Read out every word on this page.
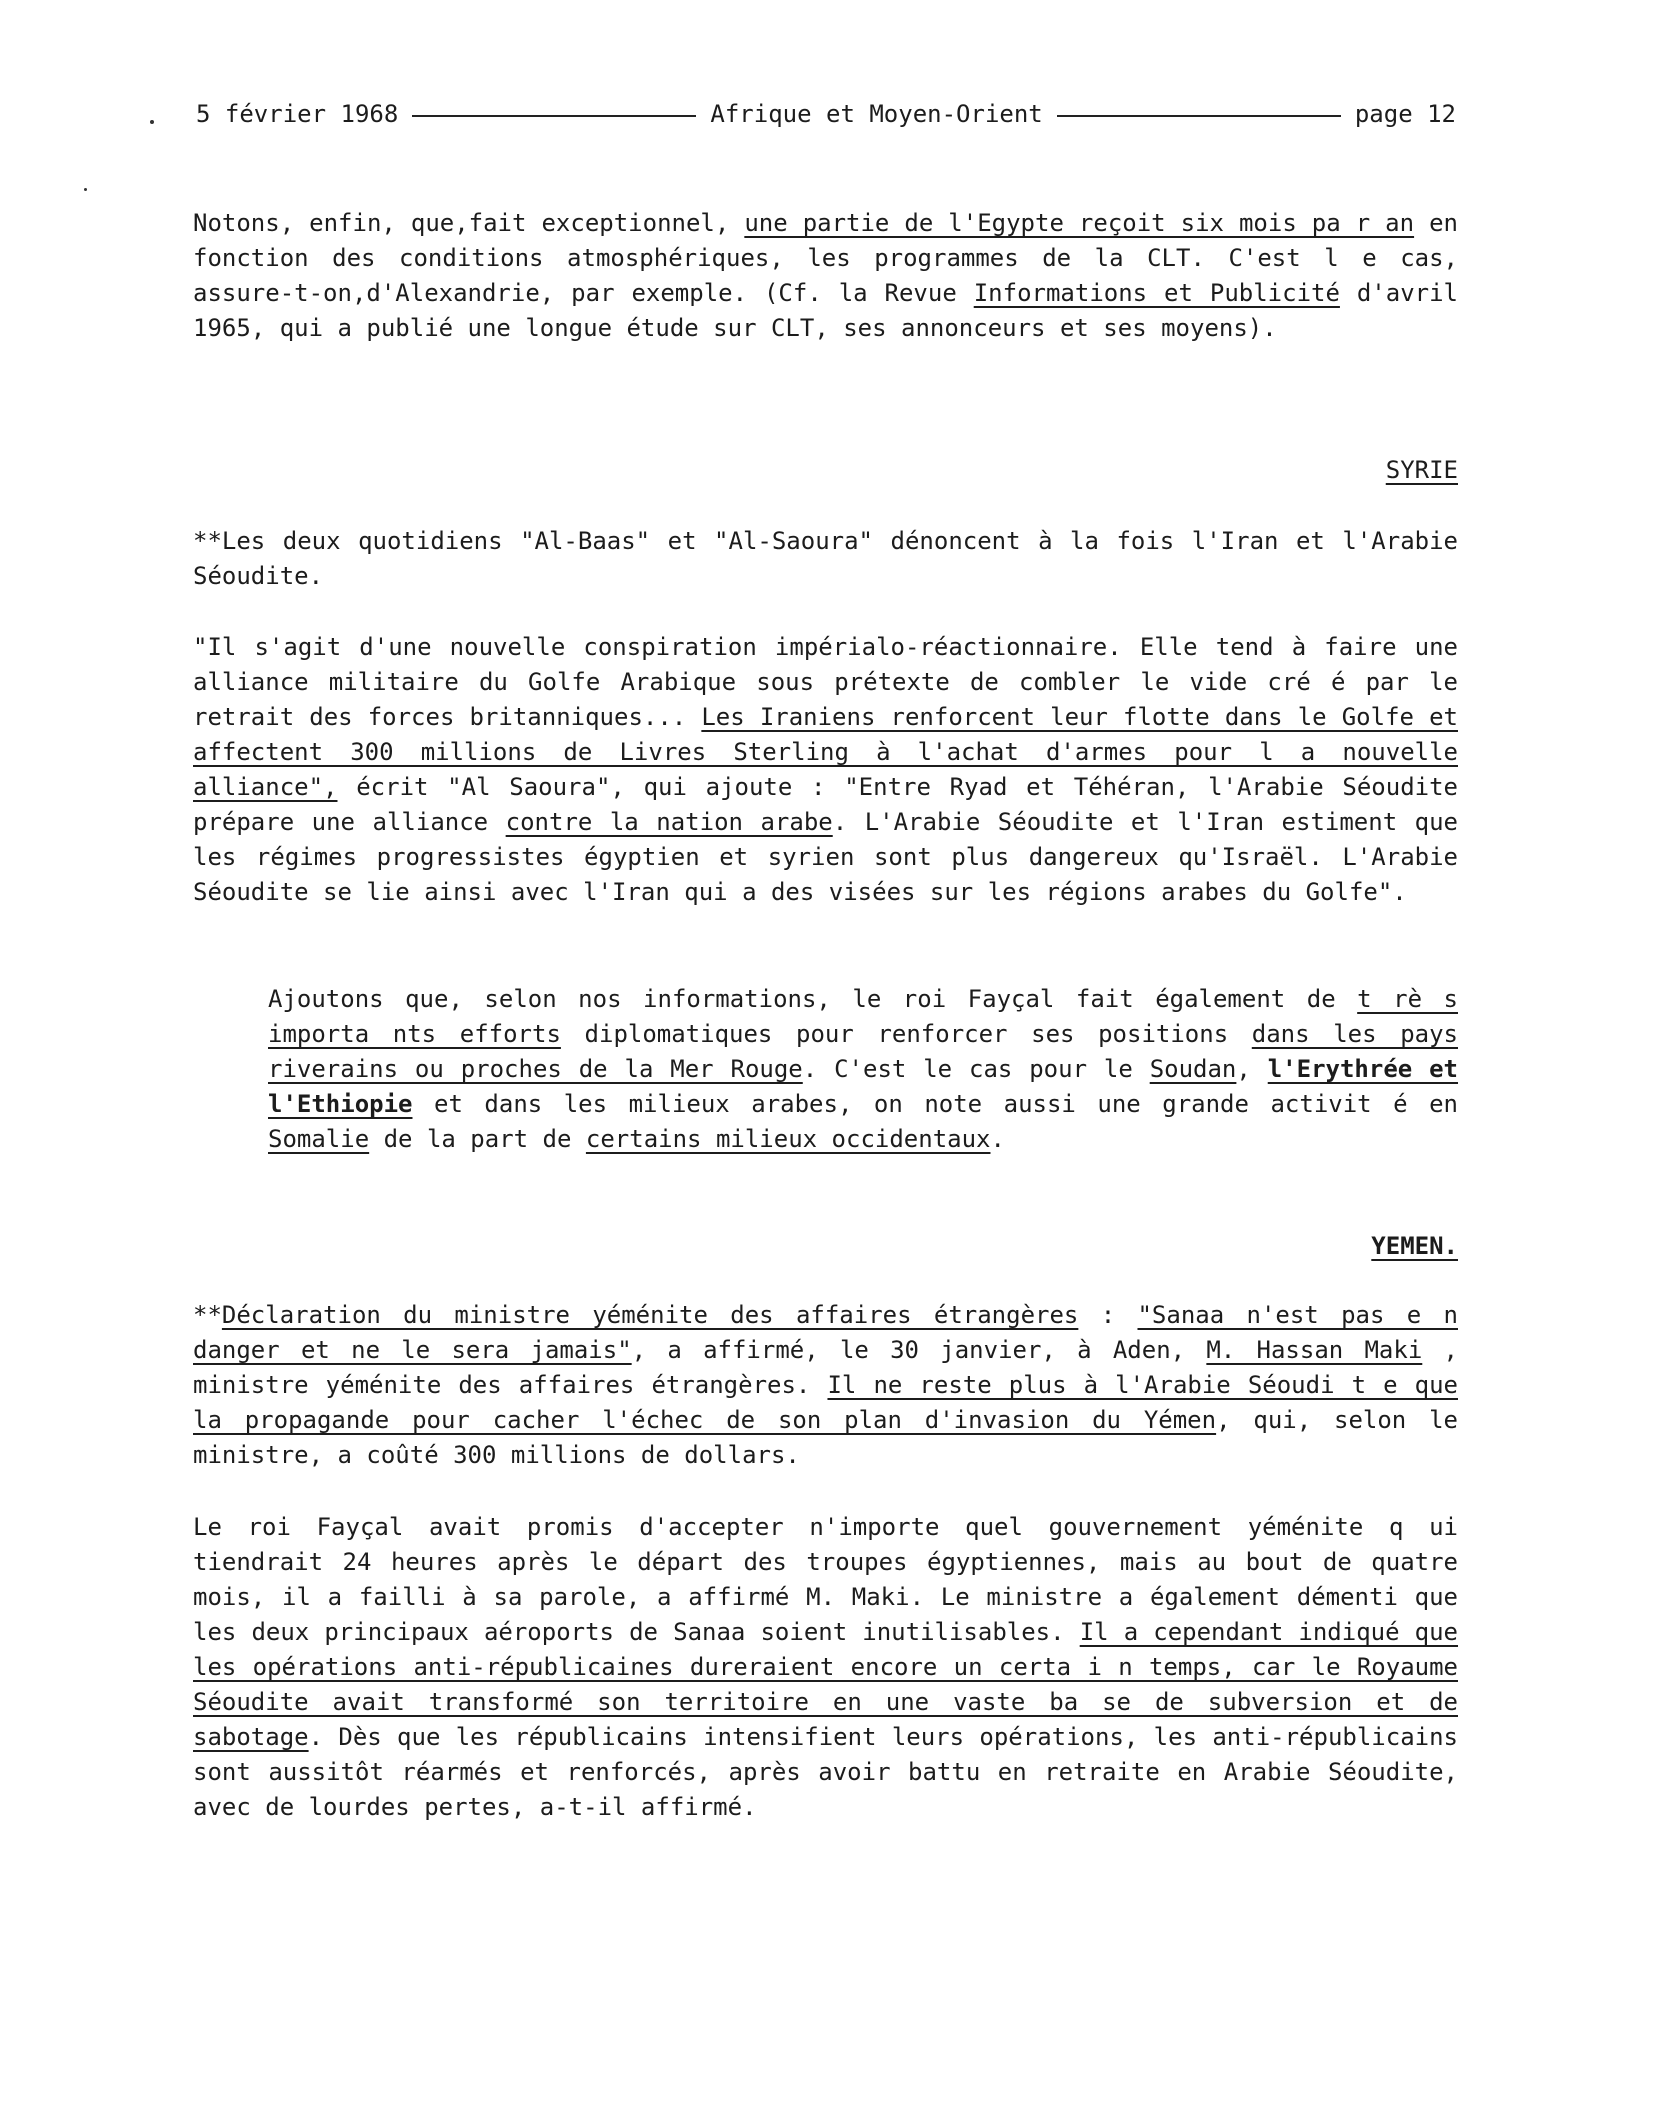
5 février 1968	Afrique et Moyen-Orient	page 12

Notons, enfin, que,fait exceptionnel, une partie de l'Egypte reçoit six mois pa r an en fonction des conditions atmosphériques, les programmes de la CLT. C'est l e cas, assure-t-on,d'Alexandrie, par exemple. (Cf. la Revue Informations et Publicité d'avril 1965, qui a publié une longue étude sur CLT, ses annonceurs et ses moyens).

SYRIE

**Les deux quotidiens "Al-Baas" et "Al-Saoura" dénoncent à la fois l'Iran et l'Arabie Séoudite.

"Il s'agit d'une nouvelle conspiration impérialo-réactionnaire. Elle tend à faire une alliance militaire du Golfe Arabique sous prétexte de combler le vide cré é par le retrait des forces britanniques... Les Iraniens renforcent leur flotte dans le Golfe et affectent 300 millions de Livres Sterling à l'achat d'armes pour l a nouvelle alliance", écrit "Al Saoura", qui ajoute : "Entre Ryad et Téhéran, l'Arabie Séoudite prépare une alliance contre la nation arabe. L'Arabie Séoudite et l'Iran estiment que les régimes progressistes égyptien et syrien sont plus dangereux qu'Israël. L'Arabie Séoudite se lie ainsi avec l'Iran qui a des visées sur les régions arabes du Golfe".

Ajoutons que, selon nos informations, le roi Fayçal fait également de t rè s importa nts efforts diplomatiques pour renforcer ses positions dans les pays riverains ou proches de la Mer Rouge. C'est le cas pour le Soudan, l'Erythrée et l'Ethiopie et dans les milieux arabes, on note aussi une grande activit é en Somalie de la part de certains milieux occidentaux.

YEMEN.

**Déclaration du ministre yéménite des affaires étrangères : "Sanaa n'est pas e n danger et ne le sera jamais", a affirmé, le 30 janvier, à Aden, M. Hassan Maki , ministre yéménite des affaires étrangères. Il ne reste plus à l'Arabie Séoudi t e que la propagande pour cacher l'échec de son plan d'invasion du Yémen, qui, selon le ministre, a coûté 300 millions de dollars.

Le roi Fayçal avait promis d'accepter n'importe quel gouvernement yéménite q ui tiendrait 24 heures après le départ des troupes égyptiennes, mais au bout de quatre mois, il a failli à sa parole, a affirmé M. Maki. Le ministre a également démenti que les deux principaux aéroports de Sanaa soient inutilisables. Il a cependant indiqué que les opérations anti-républicaines dureraient encore un certa i n temps, car le Royaume Séoudite avait transformé son territoire en une vaste ba se de subversion et de sabotage. Dès que les républicains intensifient leurs opérations, les anti-républicains sont aussitôt réarmés et renforcés, après avoir battu en retraite en Arabie Séoudite, avec de lourdes pertes, a-t-il affirmé.
